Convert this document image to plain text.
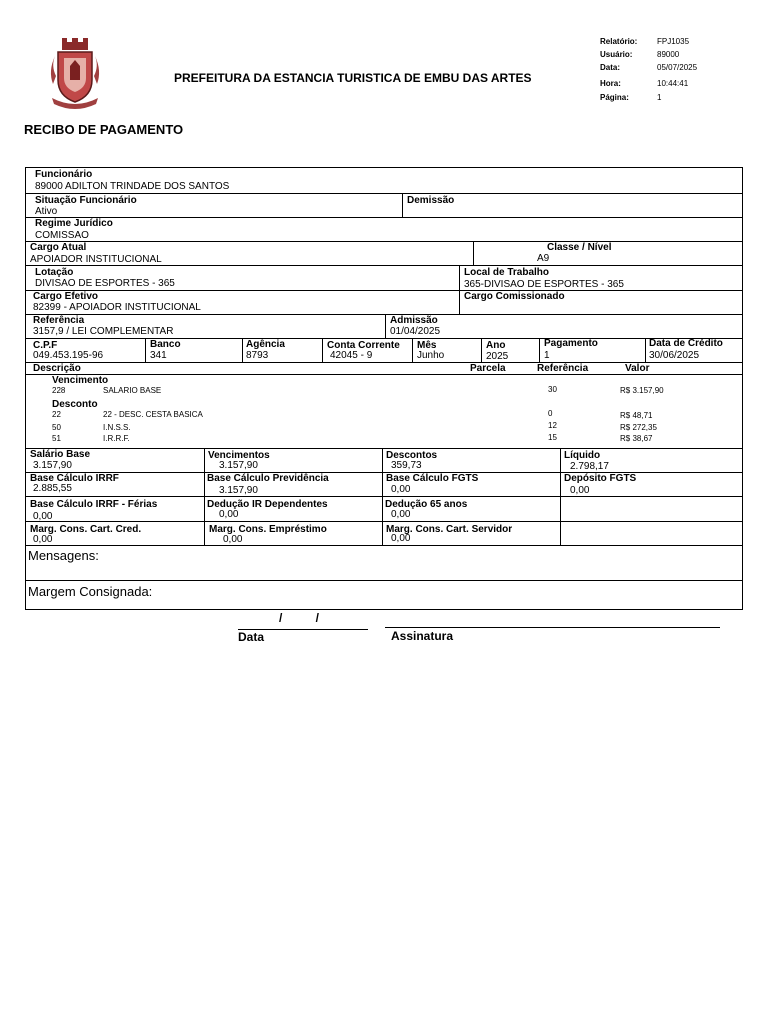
PREFEITURA DA ESTANCIA TURISTICA DE EMBU DAS ARTES
RECIBO DE PAGAMENTO
Relatório: FPJ1035
Usuário:	89000
Data:	05/07/2025
Hora:	10:44:41
Página:	1
Funcionário
89000 ADILTON TRINDADE DOS SANTOS
Situação Funcionário
Ativo
Demissão
Regime Jurídico
COMISSAO
Cargo Atual
APOIADOR INSTITUCIONAL
Classe / Nível
A9
Lotação
DIVISAO DE ESPORTES - 365
Local de Trabalho
365-DIVISAO DE ESPORTES - 365
Cargo Efetivo
82399 - APOIADOR INSTITUCIONAL
Cargo Comissionado
Referência
3157,9 / LEI COMPLEMENTAR
Admissão
01/04/2025
C.P.F
049.453.195-96
Banco
341
Agência
8793
Conta Corrente
42045 - 9
Mês
Junho
Ano
2025
Pagamento
1
Data de Crédito
30/06/2025
Descrição	Parcela	Referência	Valor
Vencimento
228	SALARIO BASE	30	R$ 3.157,90
Desconto
22	22 - DESC. CESTA BASICA	0	R$ 48,71
50	I.N.S.S.	12	R$ 272,35
51	I.R.R.F.	15	R$ 38,67
Salário Base
3.157,90
Vencimentos
3.157,90
Descontos
359,73
Líquido
2.798,17
Base Cálculo IRRF
2.885,55
Base Cálculo Previdência
3.157,90
Base Cálculo FGTS
0,00
Depósito FGTS
0,00
Base Cálculo IRRF - Férias
0,00
Dedução IR Dependentes
0,00
Dedução 65 anos
0,00
Marg. Cons. Cart. Cred.
0,00
Marg. Cons. Empréstimo
0,00
Marg. Cons. Cart. Servidor
0,00
Mensagens:
Margem Consignada:
/          /
Data	Assinatura
